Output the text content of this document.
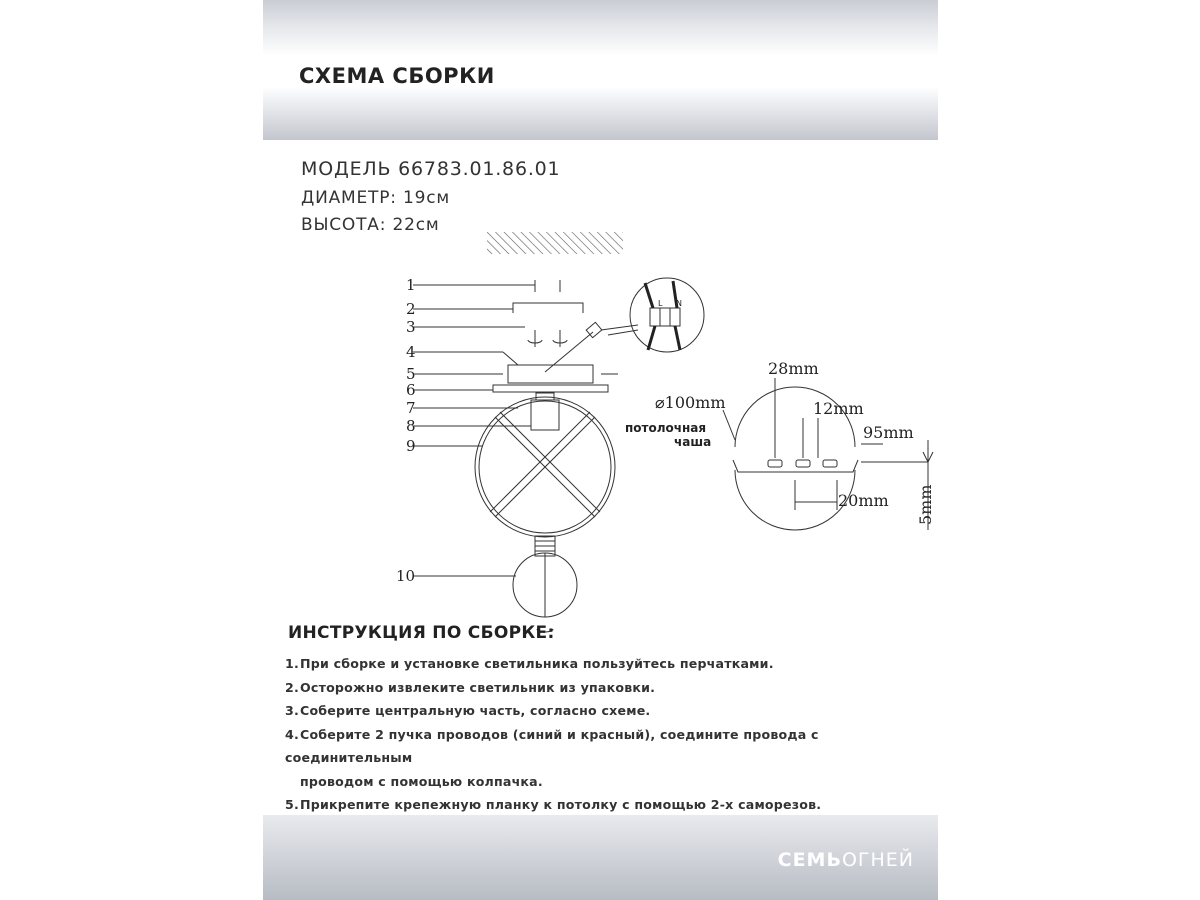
СХЕМА СБОРКИ
МОДЕЛЬ 66783.01.86.01
ДИАМЕТР: 19см
ВЫСОТА: 22см
1
2
3
4
5
6
7
8
9
10
L N
⌀100mm
потолочная
чаша
28mm
12mm
95mm
20mm 5mm
ИНСТРУКЦИЯ ПО СБОРКЕ:
1.При сборке и установке светильника пользуйтесь перчатками.
2.Осторожно извлеките светильник из упаковки.
3.Соберите центральную часть, согласно схеме.
4.Соберите 2 пучка проводов (синий и красный), соедините провода с соединительным
проводом с помощью колпачка.
5.Прикрепите крепежную планку к потолку с помощью 2-х саморезов.
СЕМЬОГНЕЙ
